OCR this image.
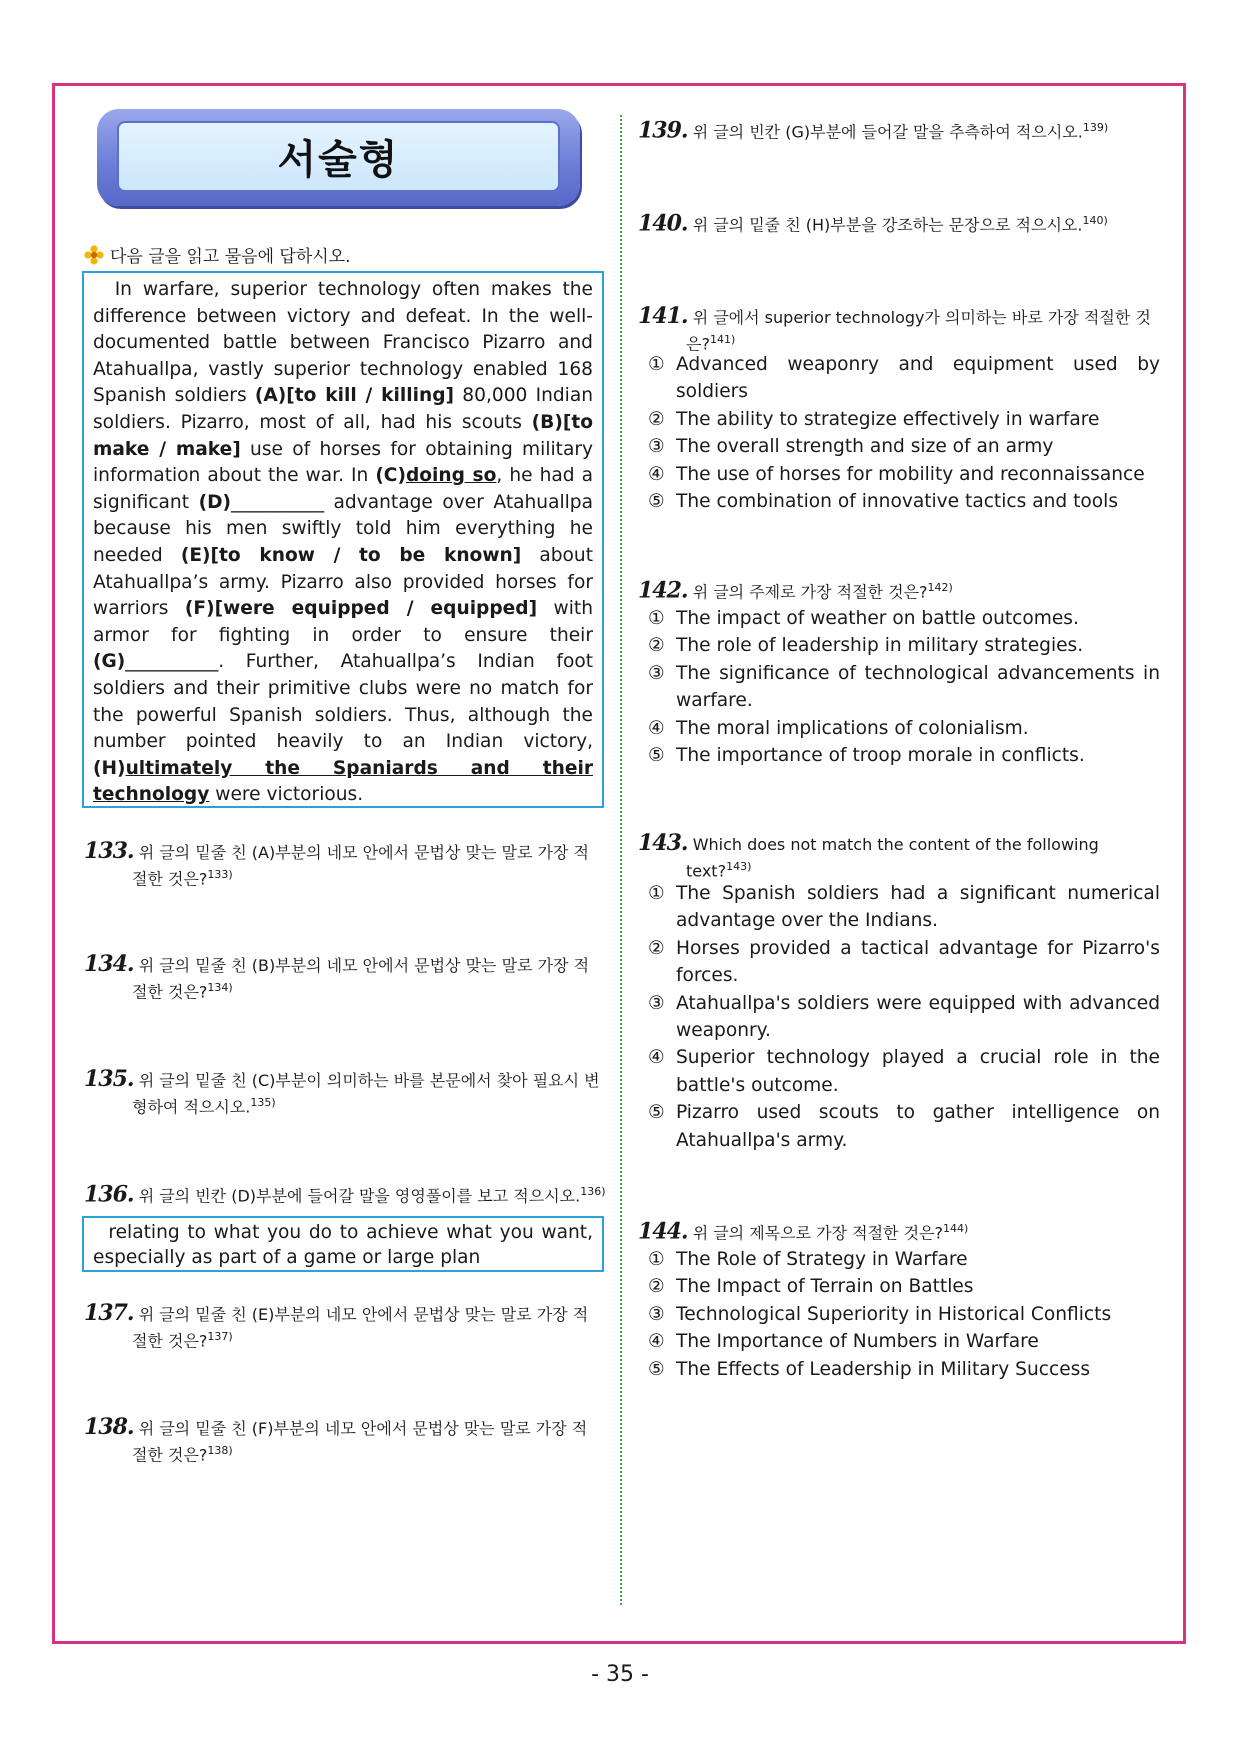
서술형
다음 글을 읽고 물음에 답하시오.
In warfare, superior technology often makes the difference between victory and defeat. In the well-documented battle between Francisco Pizarro and Atahuallpa, vastly superior technology enabled 168 Spanish soldiers (A)[to kill / killing] 80,000 Indian soldiers. Pizarro, most of all, had his scouts (B)[to make / make] use of horses for obtaining military information about the war. In (C)doing so, he had a significant (D)__________ advantage over Atahuallpa because his men swiftly told him everything he needed (E)[to know / to be known] about Atahuallpa’s army. Pizarro also provided horses for warriors (F)[were equipped / equipped] with armor for fighting in order to ensure their (G)__________. Further, Atahuallpa’s Indian foot soldiers and their primitive clubs were no match for the powerful Spanish soldiers. Thus, although the number pointed heavily to an Indian victory, (H)ultimately the Spaniards and their technology were victorious.
133. 위 글의 밑줄 친 (A)부분의 네모 안에서 문법상 맞는 말로 가장 적
절한 것은?$^{133)}$
134. 위 글의 밑줄 친 (B)부분의 네모 안에서 문법상 맞는 말로 가장 적
절한 것은?$^{134)}$
135. 위 글의 밑줄 친 (C)부분이 의미하는 바를 본문에서 찾아 필요시 변
형하여 적으시오.$^{135)}$
136. 위 글의 빈칸 (D)부분에 들어갈 말을 영영풀이를 보고 적으시오.$^{136)}$
relating to what you do to achieve what you want, especially as part of a game or large plan
137. 위 글의 밑줄 친 (E)부분의 네모 안에서 문법상 맞는 말로 가장 적
절한 것은?$^{137)}$
138. 위 글의 밑줄 친 (F)부분의 네모 안에서 문법상 맞는 말로 가장 적
절한 것은?$^{138)}$
139. 위 글의 빈칸 (G)부분에 들어갈 말을 추측하여 적으시오.$^{139)}$
140. 위 글의 밑줄 친 (H)부분을 강조하는 문장으로 적으시오.$^{140)}$
141. 위 글에서 superior technology가 의미하는 바로 가장 적절한 것
은?$^{141)}$
① Advanced weaponry and equipment used by soldiers
② The ability to strategize effectively in warfare
③ The overall strength and size of an army
④ The use of horses for mobility and reconnaissance
⑤ The combination of innovative tactics and tools
142. 위 글의 주제로 가장 적절한 것은?$^{142)}$
① The impact of weather on battle outcomes.
② The role of leadership in military strategies.
③ The significance of technological advancements in warfare.
④ The moral implications of colonialism.
⑤ The importance of troop morale in conflicts.
143. Which does not match the content of the following
text?$^{143)}$
① The Spanish soldiers had a significant numerical advantage over the Indians.
② Horses provided a tactical advantage for Pizarro's forces.
③ Atahuallpa's soldiers were equipped with advanced weaponry.
④ Superior technology played a crucial role in the battle's outcome.
⑤ Pizarro used scouts to gather intelligence on Atahuallpa's army.
144. 위 글의 제목으로 가장 적절한 것은?$^{144)}$
① The Role of Strategy in Warfare
② The Impact of Terrain on Battles
③ Technological Superiority in Historical Conflicts
④ The Importance of Numbers in Warfare
⑤ The Effects of Leadership in Military Success
- 35 -
